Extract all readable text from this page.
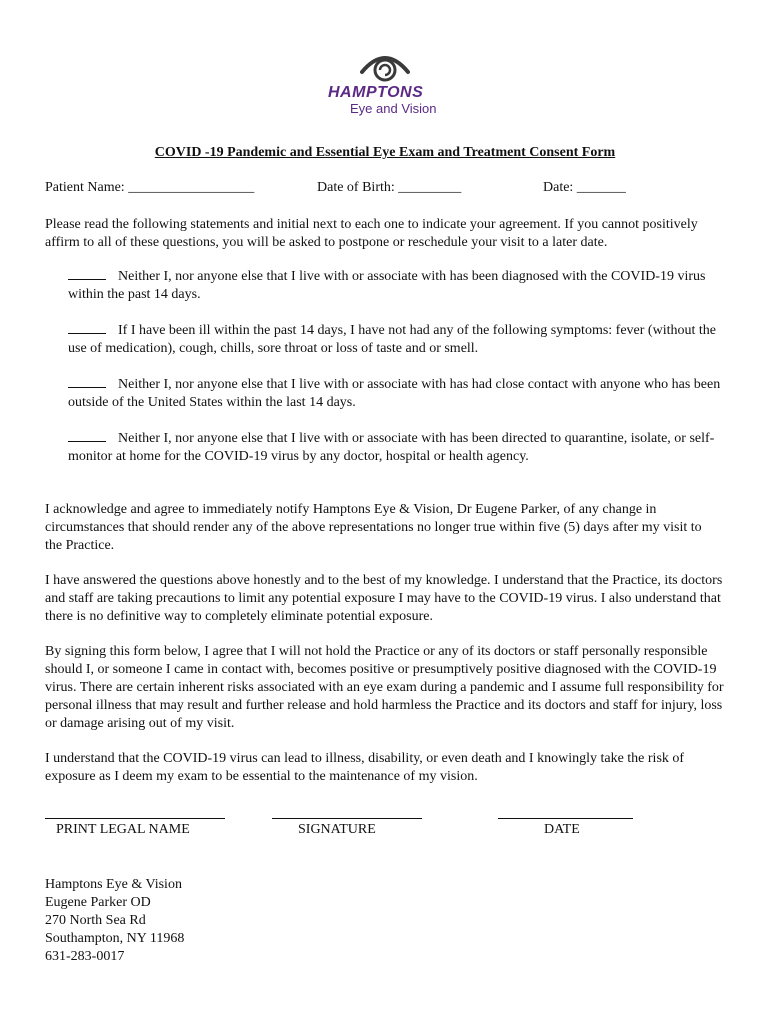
HAMPTONS
Eye and Vision
COVID -19 Pandemic and Essential Eye Exam and Treatment Consent Form
Patient Name: __________________	Date of Birth: _________	Date: _______

Please read the following statements and initial next to each one to indicate your agreement. If you cannot positively affirm to all of these questions, you will be asked to postpone or reschedule your visit to a later date.

Neither I, nor anyone else that I live with or associate with has been diagnosed with the COVID-19 virus within the past 14 days.
If I have been ill within the past 14 days, I have not had any of the following symptoms: fever (without the use of medication), cough, chills, sore throat or loss of taste and or smell.
Neither I, nor anyone else that I live with or associate with has had close contact with anyone who has been outside of the United States within the last 14 days.
Neither I, nor anyone else that I live with or associate with has been directed to quarantine, isolate, or self-monitor at home for the COVID-19 virus by any doctor, hospital or health agency.

I acknowledge and agree to immediately notify Hamptons Eye & Vision, Dr Eugene Parker, of any change in circumstances that should render any of the above representations no longer true within five (5) days after my visit to the Practice.

I have answered the questions above honestly and to the best of my knowledge. I understand that the Practice, its doctors and staff are taking precautions to limit any potential exposure I may have to the COVID-19 virus. I also understand that there is no definitive way to completely eliminate potential exposure.

By signing this form below, I agree that I will not hold the Practice or any of its doctors or staff personally responsible should I, or someone I came in contact with, becomes positive or presumptively positive diagnosed with the COVID-19 virus. There are certain inherent risks associated with an eye exam during a pandemic and I assume full responsibility for personal illness that may result and further release and hold harmless the Practice and its doctors and staff for injury, loss or damage arising out of my visit.

I understand that the COVID-19 virus can lead to illness, disability, or even death and I knowingly take the risk of exposure as I deem my exam to be essential to the maintenance of my vision.

PRINT LEGAL NAME	SIGNATURE	DATE
Hamptons Eye & Vision
Eugene Parker OD
270 North Sea Rd
Southampton, NY 11968
631-283-0017
